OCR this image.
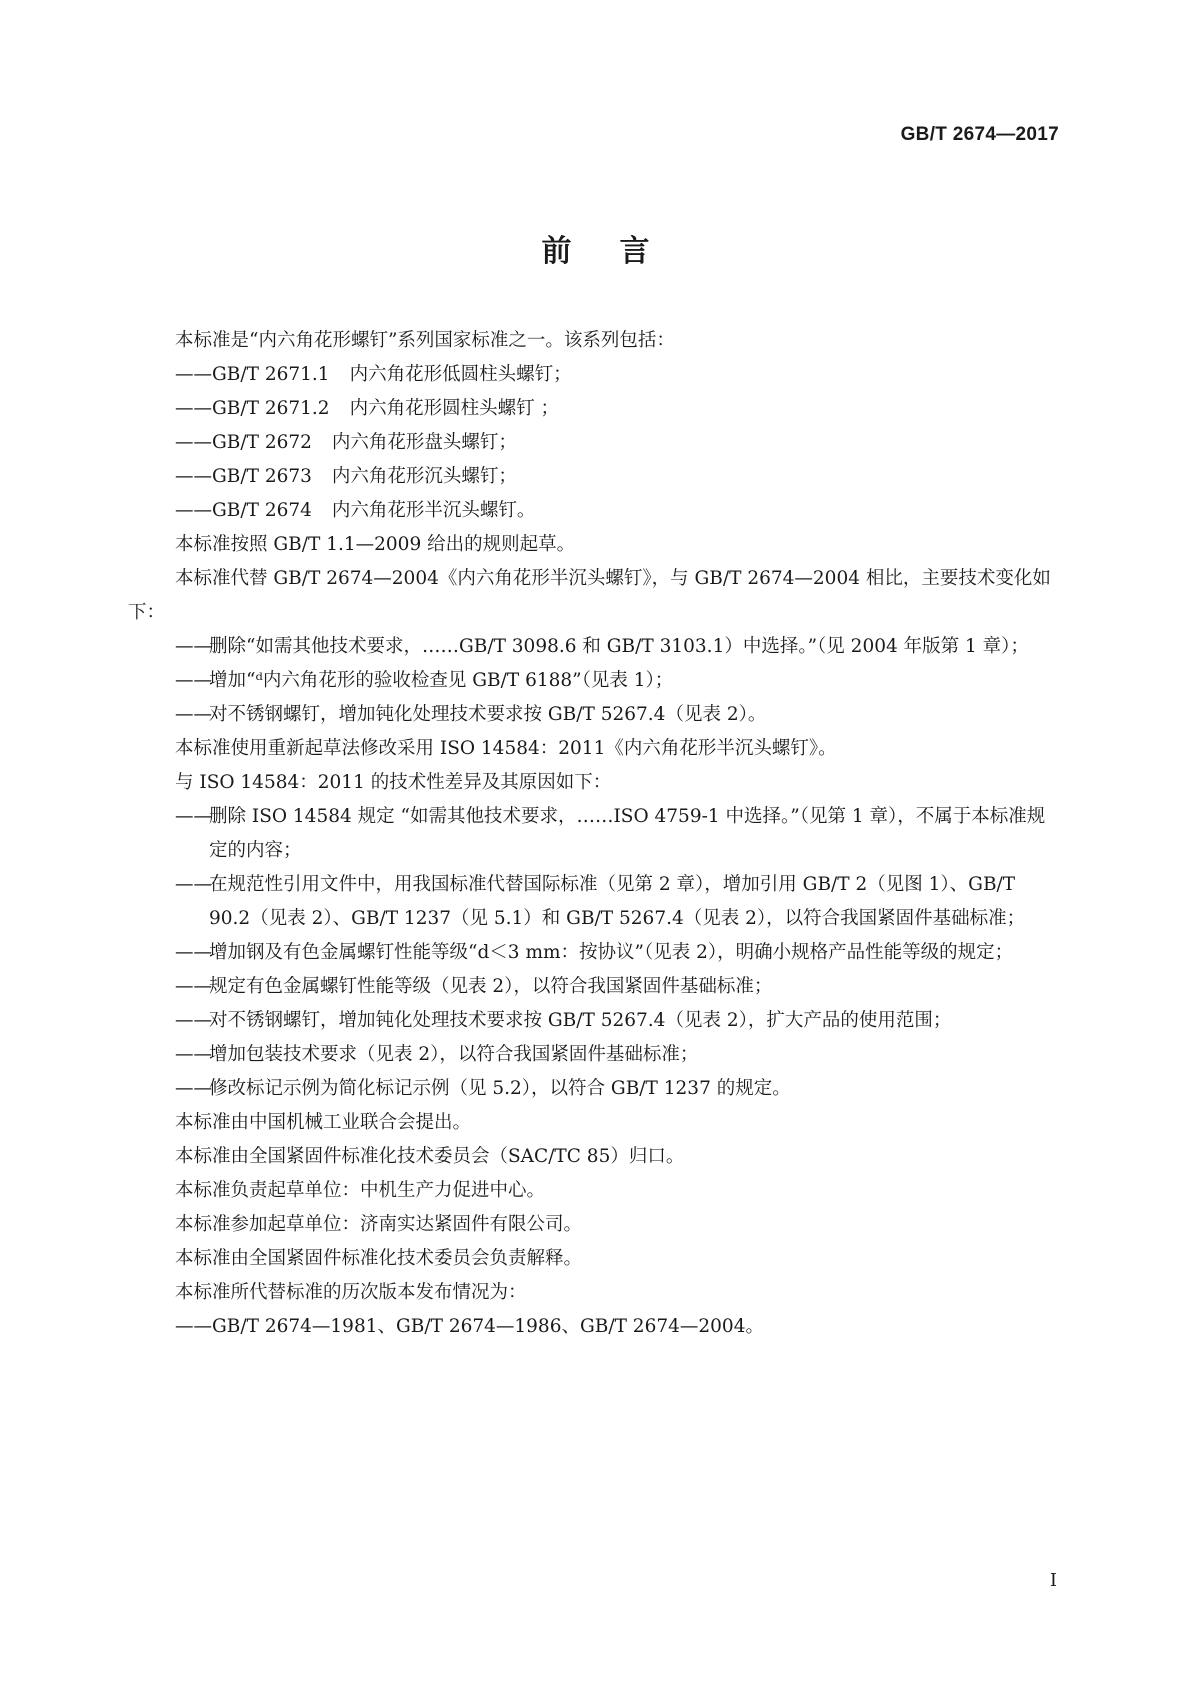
GB/T 2674—2017
前言

本标准是“内六角花形螺钉”系列国家标准之一。该系列包括：

——GB/T 2671.1 内六角花形低圆柱头螺钉；

——GB/T 2671.2 内六角花形圆柱头螺钉 ；

——GB/T 2672 内六角花形盘头螺钉；

——GB/T 2673 内六角花形沉头螺钉；

——GB/T 2674 内六角花形半沉头螺钉。

本标准按照 GB/T 1.1—2009 给出的规则起草。

本标准代替 GB/T 2674—2004《内六角花形半沉头螺钉》，与 GB/T 2674—2004 相比，主要技术变化如下：

——删除“如需其他技术要求，……GB/T 3098.6 和 GB/T 3103.1）中选择。”（见 2004 年版第 1 章）；

——增加“ᵈ内六角花形的验收检查见 GB/T 6188”（见表 1）；

——对不锈钢螺钉，增加钝化处理技术要求按 GB/T 5267.4（见表 2）。

本标准使用重新起草法修改采用 ISO 14584：2011《内六角花形半沉头螺钉》。

与 ISO 14584：2011 的技术性差异及其原因如下：

——删除 ISO 14584 规定 “如需其他技术要求，……ISO 4759-1 中选择。”（见第 1 章），不属于本标准规定的内容；

——在规范性引用文件中，用我国标准代替国际标准（见第 2 章），增加引用 GB/T 2（见图 1）、GB/T 90.2（见表 2）、GB/T 1237（见 5.1）和 GB/T 5267.4（见表 2），以符合我国紧固件基础标准；

——增加钢及有色金属螺钉性能等级“d＜3 mm：按协议”（见表 2），明确小规格产品性能等级的规定；

——规定有色金属螺钉性能等级（见表 2），以符合我国紧固件基础标准；

——对不锈钢螺钉，增加钝化处理技术要求按 GB/T 5267.4（见表 2），扩大产品的使用范围；

——增加包装技术要求（见表 2），以符合我国紧固件基础标准；

——修改标记示例为简化标记示例（见 5.2），以符合 GB/T 1237 的规定。

本标准由中国机械工业联合会提出。

本标准由全国紧固件标准化技术委员会（SAC/TC 85）归口。

本标准负责起草单位：中机生产力促进中心。

本标准参加起草单位：济南实达紧固件有限公司。

本标准由全国紧固件标准化技术委员会负责解释。

本标准所代替标准的历次版本发布情况为：

——GB/T 2674—1981、GB/T 2674—1986、GB/T 2674—2004。

I
